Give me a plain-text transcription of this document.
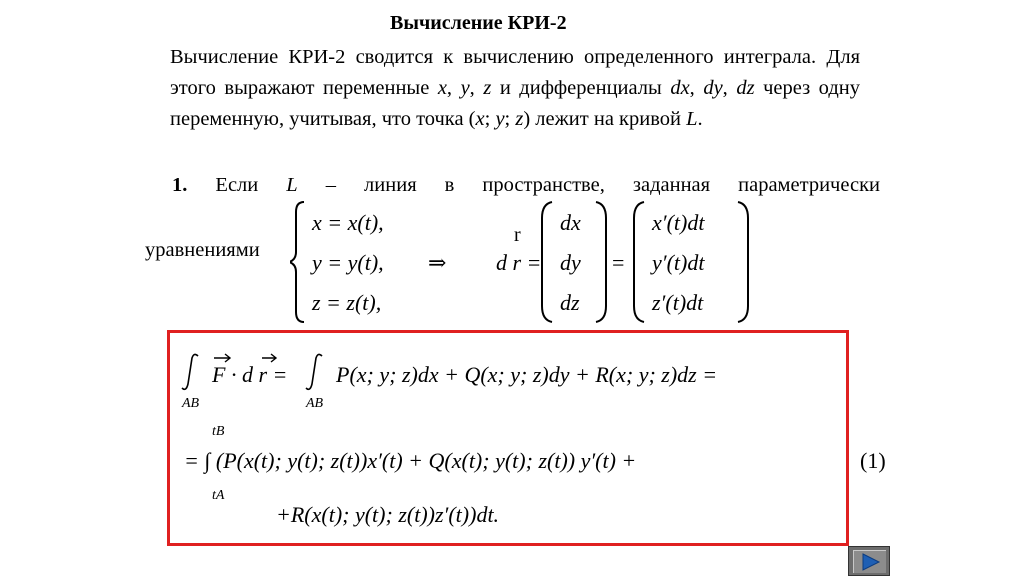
Вычисление КРИ-2
Вычисление КРИ-2 сводится к вычислению определенного интеграла. Для этого выражают переменные x, y, z и дифференциалы dx, dy, dz через одну переменную, учитывая, что точка (x; y; z) лежит на кривой L.
1. Если L – линия в пространстве, заданная параметрически
уравнениями
x = x(t),
y = y(t),
z = z(t),
⇒
r
d r =
dx
dy
dz
=
x′(t)dt
y′(t)dt
z′(t)dt
F · d r =
AB
P(x; y; z)dx + Q(x; y; z)dy + R(x; y; z)dz =
AB
tB
= ∫ (P(x(t); y(t); z(t))x′(t) + Q(x(t); y(t); z(t)) y′(t) +
tA
+R(x(t); y(t); z(t))z′(t))dt.
(1)
